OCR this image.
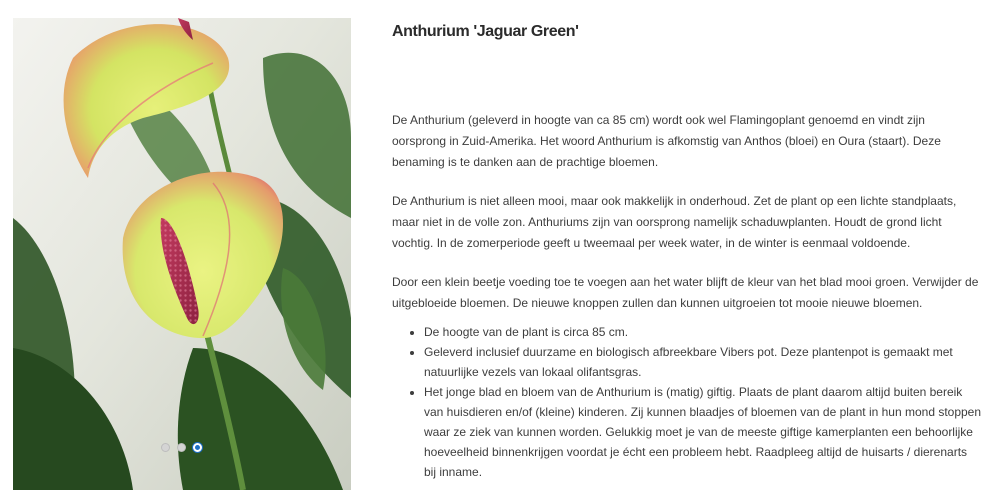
Anthurium 'Jaguar Green'

De Anthurium (geleverd in hoogte van ca 85 cm) wordt ook wel Flamingoplant genoemd en vindt zijn oorsprong in Zuid-Amerika. Het woord Anthurium is afkomstig van Anthos (bloei) en Oura (staart). Deze benaming is te danken aan de prachtige bloemen.

De Anthurium is niet alleen mooi, maar ook makkelijk in onderhoud. Zet de plant op een lichte standplaats, maar niet in de volle zon. Anthuriums zijn van oorsprong namelijk schaduwplanten. Houdt de grond licht vochtig. In de zomerperiode geeft u tweemaal per week water, in de winter is eenmaal voldoende.

Door een klein beetje voeding toe te voegen aan het water blijft de kleur van het blad mooi groen. Verwijder de uitgebloeide bloemen. De nieuwe knoppen zullen dan kunnen uitgroeien tot mooie nieuwe bloemen.

• De hoogte van de plant is circa 85 cm.
• Geleverd inclusief duurzame en biologisch afbreekbare Vibers pot. Deze plantenpot is gemaakt met natuurlijke vezels van lokaal olifantsgras.
• Het jonge blad en bloem van de Anthurium is (matig) giftig. Plaats de plant daarom altijd buiten bereik van huisdieren en/of (kleine) kinderen. Zij kunnen blaadjes of bloemen van de plant in hun mond stoppen waar ze ziek van kunnen worden. Gelukkig moet je van de meeste giftige kamerplanten een behoorlijke hoeveelheid binnenkrijgen voordat je écht een probleem hebt. Raadpleeg altijd de huisarts / dierenarts bij inname.
